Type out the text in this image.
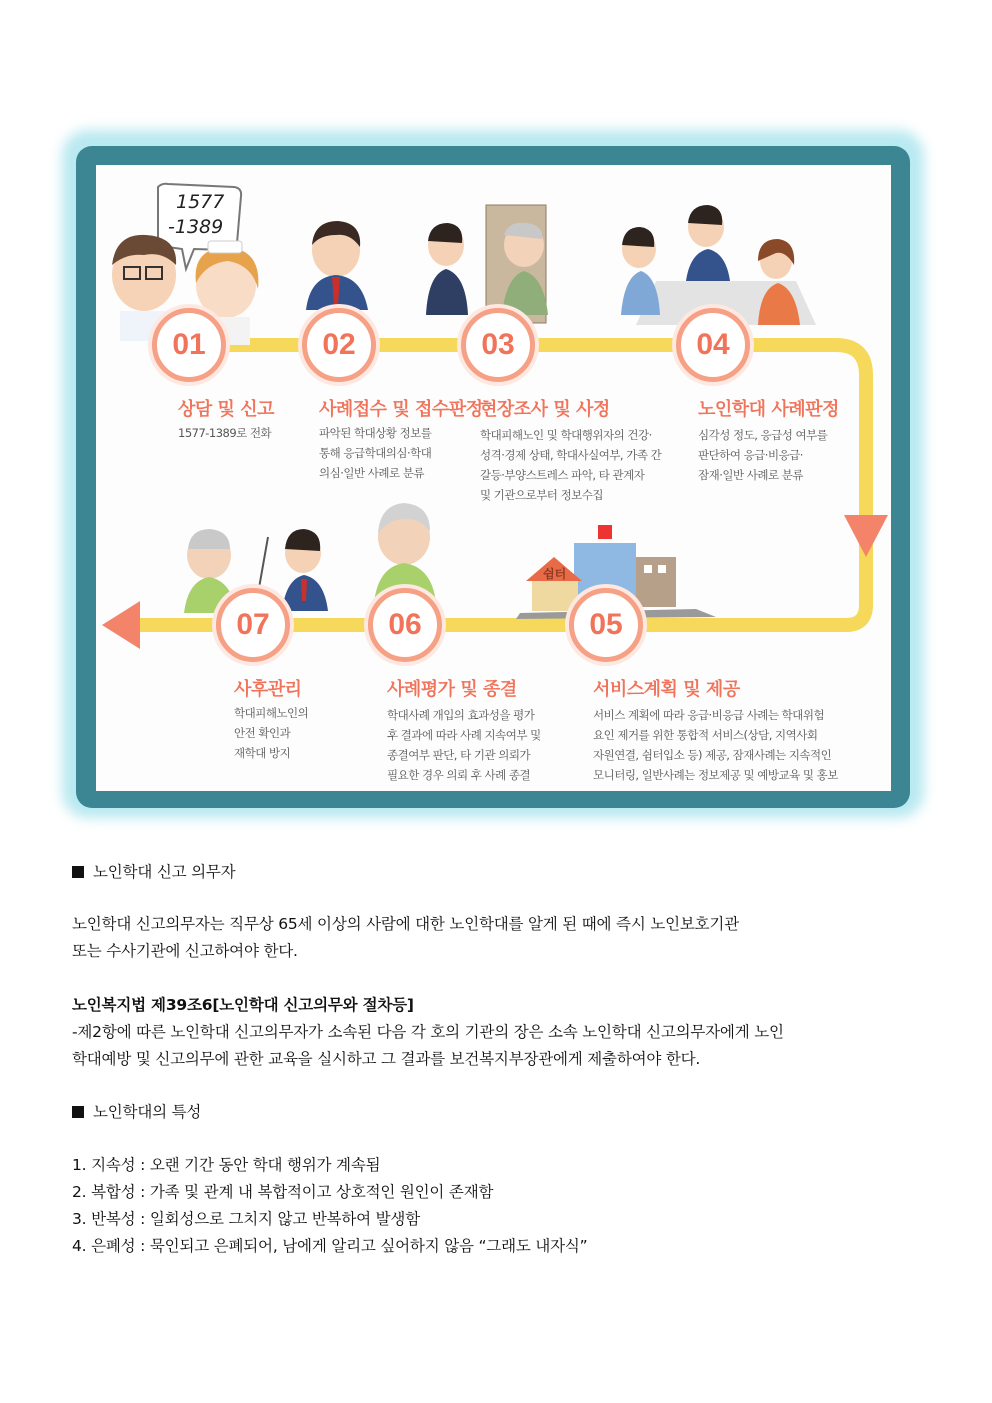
1577
-1389
쉼터
01	02	03	04
05
06
07
상담 및 신고	사례접수 및 접수판정
현장조사 및 사정	노인학대 사례판정
서비스계획 및 제공
사례평가 및 종결
사후관리
1577-1389로 전화	파악된 학대상황 정보를
통해 응급학대의심·학대
의심·일반 사례로 분류
학대피해노인 및 학대행위자의 건강·
성격·경제 상태, 학대사실여부, 가족 간
갈등·부양스트레스 파악, 타 관계자
및 기관으로부터 정보수집
심각성 정도, 응급성 여부를
판단하여 응급·비응급·
잠재·일반 사례로 분류
서비스 계획에 따라 응급·비응급 사례는 학대위험
요인 제거를 위한 통합적 서비스(상담, 지역사회
자원연결, 쉼터입소 등) 제공, 잠재사례는 지속적인
모니터링, 일반사례는 정보제공 및 예방교육 및 홍보
학대사례 개입의 효과성을 평가
후 결과에 따라 사례 지속여부 및
종결여부 판단, 타 기관 의뢰가
필요한 경우 의뢰 후 사례 종결
학대피해노인의
안전 확인과
재학대 방지
노인학대 신고 의무자
노인학대 신고의무자는 직무상 65세 이상의 사람에 대한 노인학대를 알게 된 때에 즉시 노인보호기관
또는 수사기관에 신고하여야 한다.
노인복지법 제39조6[노인학대 신고의무와 절차등]
-제2항에 따른 노인학대 신고의무자가 소속된 다음 각 호의 기관의 장은 소속 노인학대 신고의무자에게 노인
학대예방 및 신고의무에 관한 교육을 실시하고 그 결과를 보건복지부장관에게 제출하여야 한다.
노인학대의 특성
1. 지속성 : 오랜 기간 동안 학대 행위가 계속됨
2. 복합성 : 가족 및 관계 내 복합적이고 상호적인 원인이 존재함
3. 반복성 : 일회성으로 그치지 않고 반복하여 발생함
4. 은폐성 : 묵인되고 은폐되어, 남에게 알리고 싶어하지 않음 “그래도 내자식”
